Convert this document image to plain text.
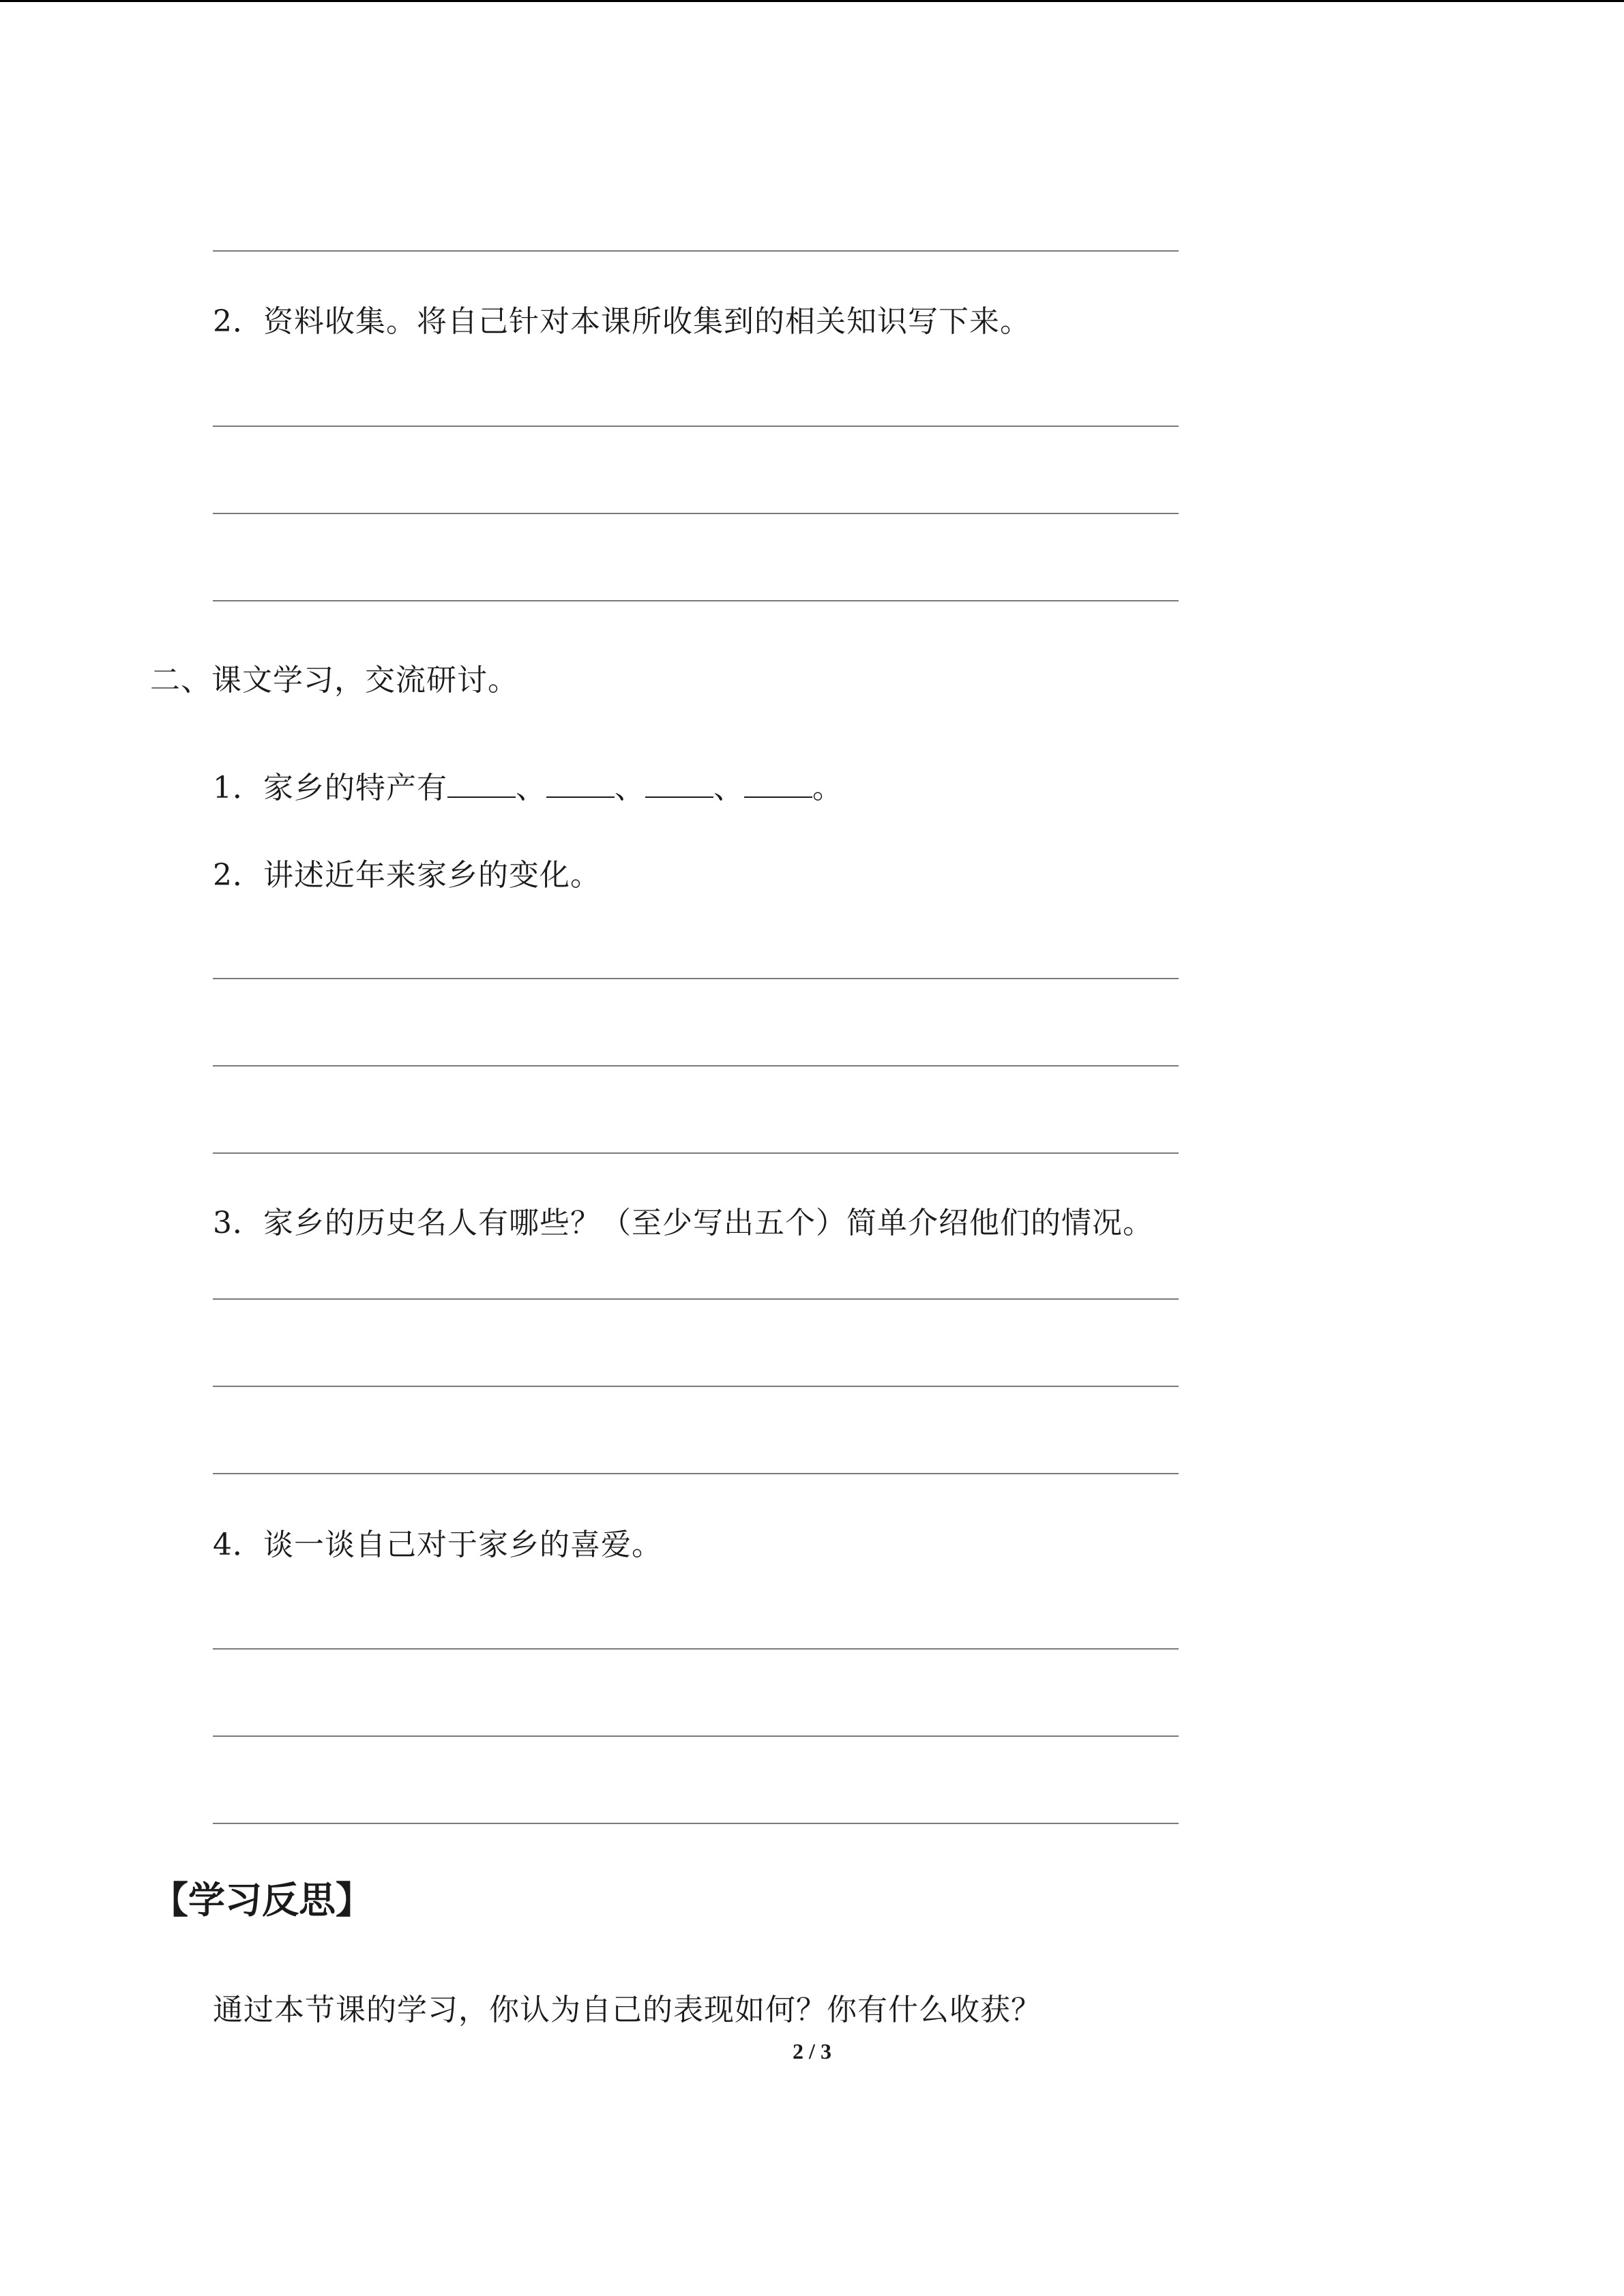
2．资料收集。将自己针对本课所收集到的相关知识写下来。
二、课文学习，交流研讨。
1．家乡的特产有 、 、 、 。
2．讲述近年来家乡的变化。
3．家乡的历史名人有哪些？（至少写出五个）简单介绍他们的情况。
4．谈一谈自己对于家乡的喜爱。
【学习反思】
通过本节课的学习，你认为自己的表现如何？你有什么收获？
2 / 3
